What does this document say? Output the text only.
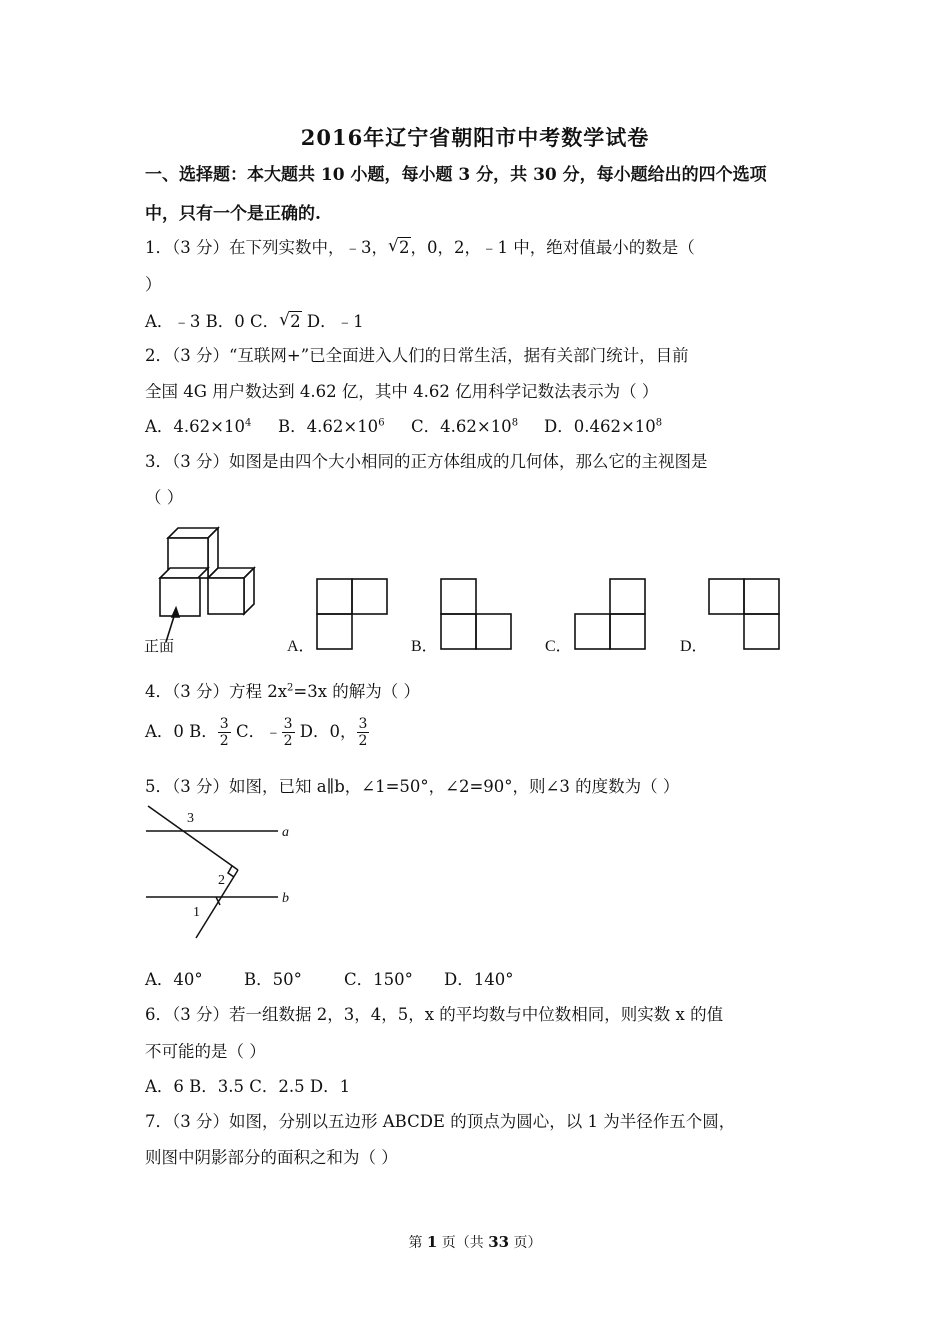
2016年辽宁省朝阳市中考数学试卷
一、选择题：本大题共 10 小题，每小题 3 分，共 30 分，每小题给出的四个选项
中，只有一个是正确的.
1．（3 分）在下列实数中，﹣3， √ 2，0，2，﹣1 中，绝对值最小的数是（
）
A．﹣3 B．0 C． √ 2 D．﹣1
2．（3 分）“互联网+”已全面进入人们的日常生活，据有关部门统计，目前
全国 4G 用户数达到 4.62 亿，其中 4.62 亿用科学记数法表示为（ ）
A．$4.62\times 10^4$ B．$4.62\times 10^6$ C．$4.62\times 10^8$ D．$0.462\times 10^8$
3．（3 分）如图是由四个大小相同的正方体组成的几何体，那么它的主视图是
（ ）
正面	A．	B．	C．	D．
4．（3 分）方程 $2x^2=3x$ 的解为（ ）
A．0 B． $\frac{3}{2}$ C．﹣ $\frac{3}{2}$ D．0， $\frac{3}{2}$
5．（3 分）如图，已知 a∥b，∠1=50°，∠2=90°，则∠3 的度数为（ ）
3
2
1
a
b
A．40°	B．50°	C．150° D．140°
6．（3 分）若一组数据 2，3，4，5，x 的平均数与中位数相同，则实数 x 的值
不可能的是（ ）
A．6 B．3.5 C．2.5 D．1
7．（3 分）如图，分别以五边形 ABCDE 的顶点为圆心，以 1 为半径作五个圆，
则图中阴影部分的面积之和为（ ）
第 1 页（共 33 页）
